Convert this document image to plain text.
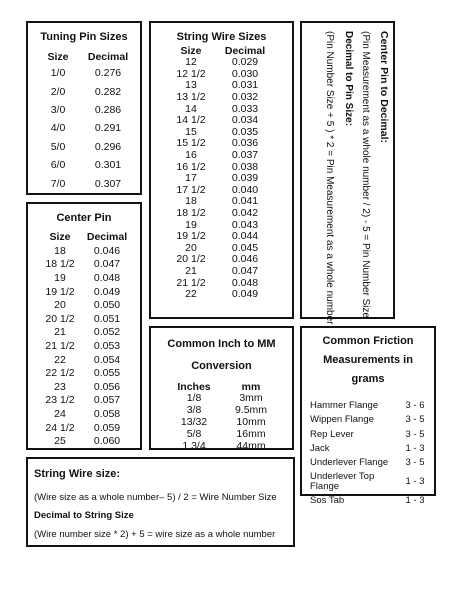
Tuning Pin Sizes
Size	Decimal
1/0	0.276
2/0	0.282
3/0	0.286
4/0	0.291
5/0	0.296
6/0	0.301
7/0	0.307
Center Pin
Size	Decimal
18	0.046
18 1/2	0.047
19	0.048
19 1/2	0.049
20	0.050
20 1/2	0.051
21	0.052
21 1/2	0.053
22	0.054
22 1/2	0.055
23	0.056
23 1/2	0.057
24	0.058
24 1/2	0.059
25	0.060
String Wire Sizes
Size	Decimal
12	0.029
12 1/2	0.030
13	0.031
13 1/2	0.032
14	0.033
14 1/2	0.034
15	0.035
15 1/2	0.036
16	0.037
16 1/2	0.038
17	0.039
17 1/2	0.040
18	0.041
18 1/2	0.042
19	0.043
19 1/2	0.044
20	0.045
20 1/2	0.046
21	0.047
21 1/2	0.048
22	0.049
Center Pin to Decimal:
(Pin Measurement as a whole number / 2) - 5 = Pin Number Size
Decimal to Pin Size:
(Pin Number Size + 5 ) * 2 = Pin Measurement as a whole number
Common Inch to MM
Conversion
Inches	mm
1/8	3mm
3/8	9.5mm
13/32	10mm
5/8	16mm
1 3/4	44mm
Common Friction
Measurements in
grams
Hammer Flange	3 - 6
Wippen Flange	3 - 5
Rep Lever	3 - 5
Jack	1 - 3
Underlever Flange	3 - 5
Underlever Top Flange	1 - 3
Sos Tab	1 - 3
String Wire size:
(Wire size as a whole number– 5) / 2 = Wire Number Size
Decimal to String Size
(Wire number size * 2) + 5 = wire size as a whole number
